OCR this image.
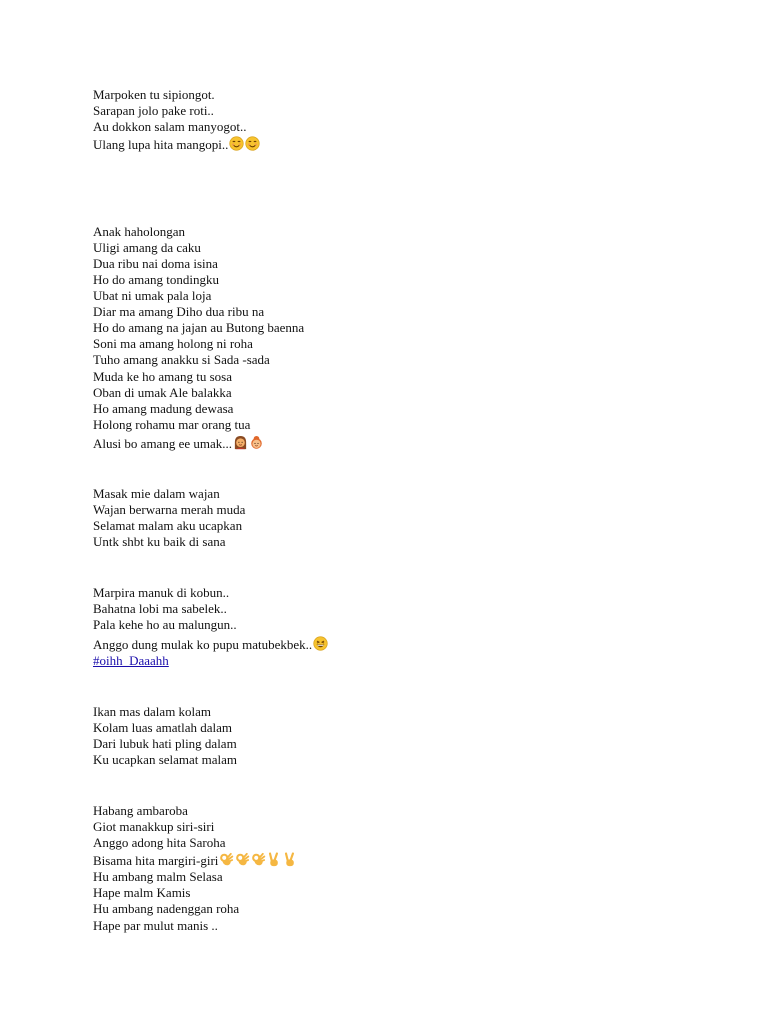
Marpoken tu sipiongot.
Sarapan jolo pake roti..
Au dokkon salam manyogot..
Ulang lupa hita mangopi..
Anak haholongan
Uligi amang da caku
Dua ribu nai doma isina
Ho do amang tondingku
Ubat ni umak pala loja
Diar ma amang Diho dua ribu na
Ho do amang na jajan au Butong baenna
Soni ma amang holong ni roha
Tuho amang anakku si Sada -sada
Muda ke ho amang tu sosa
Oban di umak Ale balakka
Ho amang madung dewasa
Holong rohamu mar orang tua
Alusi bo amang ee umak...
Masak mie dalam wajan
Wajan berwarna merah muda
Selamat malam aku ucapkan
Untk shbt ku baik di sana
Marpira manuk di kobun..
Bahatna lobi ma sabelek..
Pala kehe ho au malungun..
Anggo dung mulak ko pupu matubekbek..
#oihh_Daaahh
Ikan mas dalam kolam
Kolam luas amatlah dalam
Dari lubuk hati pling dalam
Ku ucapkan selamat malam
Habang ambaroba
Giot manakkup siri-siri
Anggo adong hita Saroha
Bisama hita margiri-giri
Hu ambang malm Selasa
Hape malm Kamis
Hu ambang nadenggan roha
Hape par mulut manis ..
